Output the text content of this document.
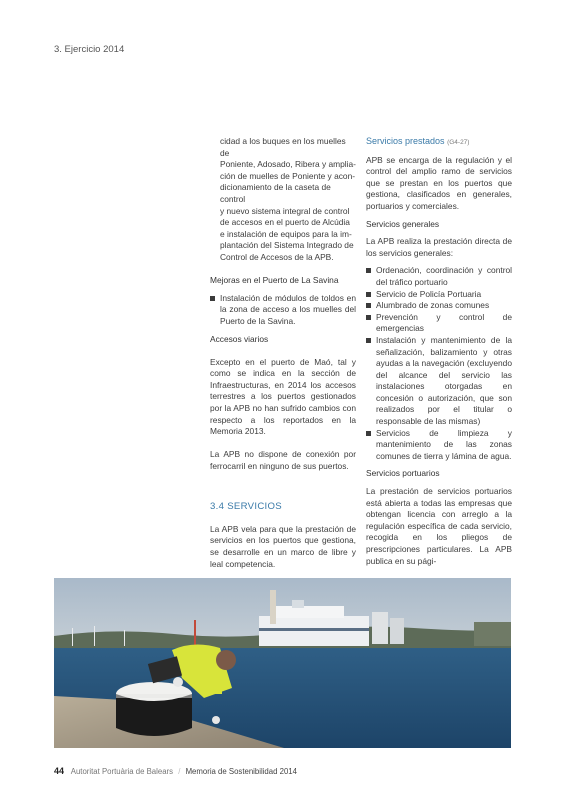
3. Ejercicio 2014
cidad a los buques en los muelles de
Poniente, Adosado, Ribera y amplia-
ción de muelles de Poniente y acon-
dicionamiento de la caseta de control
y nuevo sistema integral de control
de accesos en el puerto de Alcúdia
e instalación de equipos para la im-
plantación del Sistema Integrado de
Control de Accesos de la APB.
Mejoras en el Puerto de La Savina
Instalación de módulos de toldos en la zona de acceso a los muelles del Puerto de la Savina.
Accesos viarios
Excepto en el puerto de Maó, tal y como se indica en la sección de Infraestructuras, en 2014 los accesos terrestres a los puertos gestionados por la APB no han sufrido cambios con respecto a los reportados en la Memoria 2013.
La APB no dispone de conexión por ferrocarril en ninguno de sus puertos.
3.4 SERVICIOS
La APB vela para que la prestación de servicios en los puertos que gestiona, se desarrolle en un marco de libre y leal competencia.
Servicios prestados (G4-27)
APB se encarga de la regulación y el control del amplio ramo de servicios que se prestan en los puertos que gestiona, clasificados en generales, portuarios y comerciales.
Servicios generales
La APB realiza la prestación directa de los servicios generales:
Ordenación, coordinación y control del tráfico portuario
Servicio de Policía Portuaria
Alumbrado de zonas comunes
Prevención y control de emergencias
Instalación y mantenimiento de la señalización, balizamiento y otras ayudas a la navegación (excluyendo del alcance del servicio las instalaciones otorgadas en concesión o autorización, que son realizados por el titular o responsable de las mismas)
Servicios de limpieza y mantenimiento de las zonas comunes de tierra y lámina de agua.
Servicios portuarios
La prestación de servicios portuarios está abierta a todas las empresas que obtengan licencia con arreglo a la regulación específica de cada servicio, recogida en los pliegos de prescripciones particulares. La APB publica en su pági-
44 Autoritat Portuària de Balears / Memoria de Sostenibilidad 2014
